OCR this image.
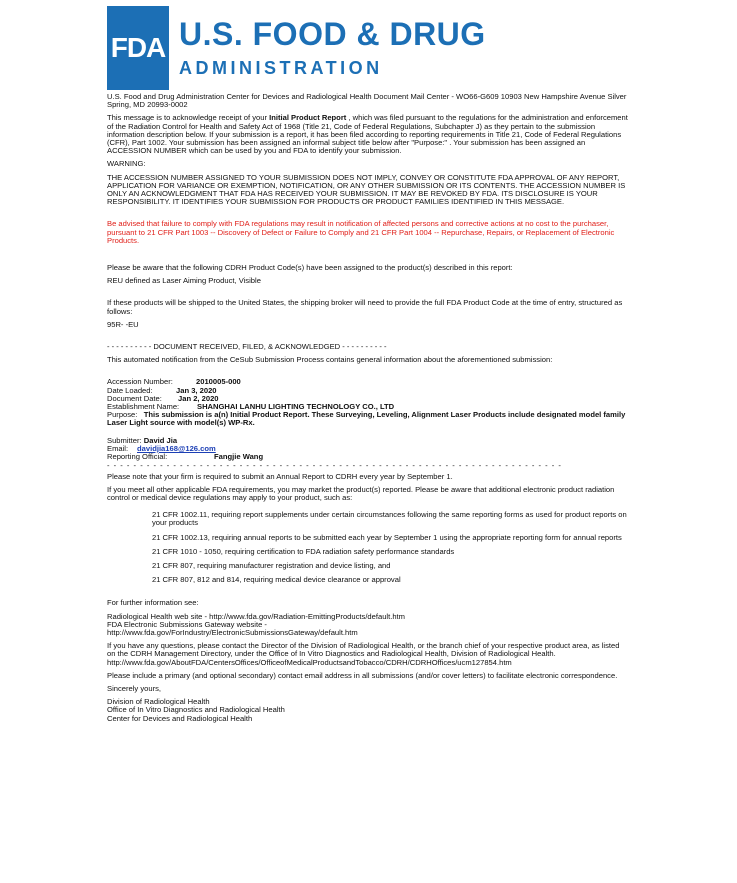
FDA U.S. FOOD & DRUG
ADMINISTRATION

U.S. Food and Drug Administration Center for Devices and Radiological Health Document Mail Center - WO66-G609 10903 New Hampshire Avenue Silver Spring, MD 20993-0002

This message is to acknowledge receipt of your Initial Product Report , which was filed pursuant to the regulations for the administration and enforcement of the Radiation Control for Health and Safety Act of 1968 (Title 21, Code of Federal Regulations, Subchapter J) as they pertain to the submission information description below. If your submission is a report, it has been filed according to reporting requirements in Title 21, Code of Federal Regulations (CFR), Part 1002. Your submission has been assigned an informal subject title below after "Purpose:" . Your submission has been assigned an ACCESSION NUMBER which can be used by you and FDA to identify your submission.

WARNING:

THE ACCESSION NUMBER ASSIGNED TO YOUR SUBMISSION DOES NOT IMPLY, CONVEY OR CONSTITUTE FDA APPROVAL OF ANY REPORT, APPLICATION FOR VARIANCE OR EXEMPTION, NOTIFICATION, OR ANY OTHER SUBMISSION OR ITS CONTENTS. THE ACCESSION NUMBER IS ONLY AN ACKNOWLEDGMENT THAT FDA HAS RECEIVED YOUR SUBMISSION. IT MAY BE REVOKED BY FDA. ITS DISCLOSURE IS YOUR RESPONSIBILITY. IT IDENTIFIES YOUR SUBMISSION FOR PRODUCTS OR PRODUCT FAMILIES IDENTIFIED IN THIS MESSAGE.

Be advised that failure to comply with FDA regulations may result in notification of affected persons and corrective actions at no cost to the purchaser, pursuant to 21 CFR Part 1003 -- Discovery of Defect or Failure to Comply and 21 CFR Part 1004 -- Repurchase, Repairs, or Replacement of Electronic Products.

Please be aware that the following CDRH Product Code(s) have been assigned to the product(s) described in this report:

REU defined as Laser Aiming Product, Visible

If these products will be shipped to the United States, the shipping broker will need to provide the full FDA Product Code at the time of entry, structured as follows:

95R- -EU

- - - - - - - - - - DOCUMENT RECEIVED, FILED, & ACKNOWLEDGED - - - - - - - - - -

This automated notification from the CeSub Submission Process contains general information about the aforementioned submission:

Accession Number:	2010005-000

Date Loaded:	Jan 3, 2020

Document Date: Jan 2, 2020

Establishment Name: SHANGHAI LANHU LIGHTING TECHNOLOGY CO., LTD

Purpose: This submission is a(n) Initial Product Report. These Surveying, Leveling, Alignment Laser Products include designated model family Laser Light source with model(s) WP-Rx.

Submitter: David Jia

Email: davidjia168@126.com

Reporting Official:	Fangjie Wang

- - - - - - - - - - - - - - - - - - - - - - - - - - - - - - - - - - - - - - - - - - - - - - - - - - - - - - - - - - - - - - - - - - - - -

Please note that your firm is required to submit an Annual Report to CDRH every year by September 1.

If you meet all other applicable FDA requirements, you may market the product(s) reported. Please be aware that additional electronic product radiation control or medical device regulations may apply to your product, such as:

21 CFR 1002.11, requiring report supplements under certain circumstances following the same reporting forms as used for product reports on your products

21 CFR 1002.13, requiring annual reports to be submitted each year by September 1 using the appropriate reporting form for annual reports

21 CFR 1010 - 1050, requiring certification to FDA radiation safety performance standards

21 CFR 807, requiring manufacturer registration and device listing, and

21 CFR 807, 812 and 814, requiring medical device clearance or approval

For further information see:

Radiological Health web site - http://www.fda.gov/Radiation-EmittingProducts/default.htm

FDA Electronic Submissions Gateway website -

http://www.fda.gov/ForIndustry/ElectronicSubmissionsGateway/default.htm

If you have any questions, please contact the Director of the Division of Radiological Health, or the branch chief of your respective product area, as listed on the CDRH Management Directory, under the Office of In Vitro Diagnostics and Radiological Health, Division of Radiological Health. http://www.fda.gov/AboutFDA/CentersOffices/OfficeofMedicalProductsandTobacco/CDRH/CDRHOffices/ucm127854.htm

Please include a primary (and optional secondary) contact email address in all submissions (and/or cover letters) to facilitate electronic correspondence.

Sincerely yours,

Division of Radiological Health

Office of In Vitro Diagnostics and Radiological Health

Center for Devices and Radiological Health
